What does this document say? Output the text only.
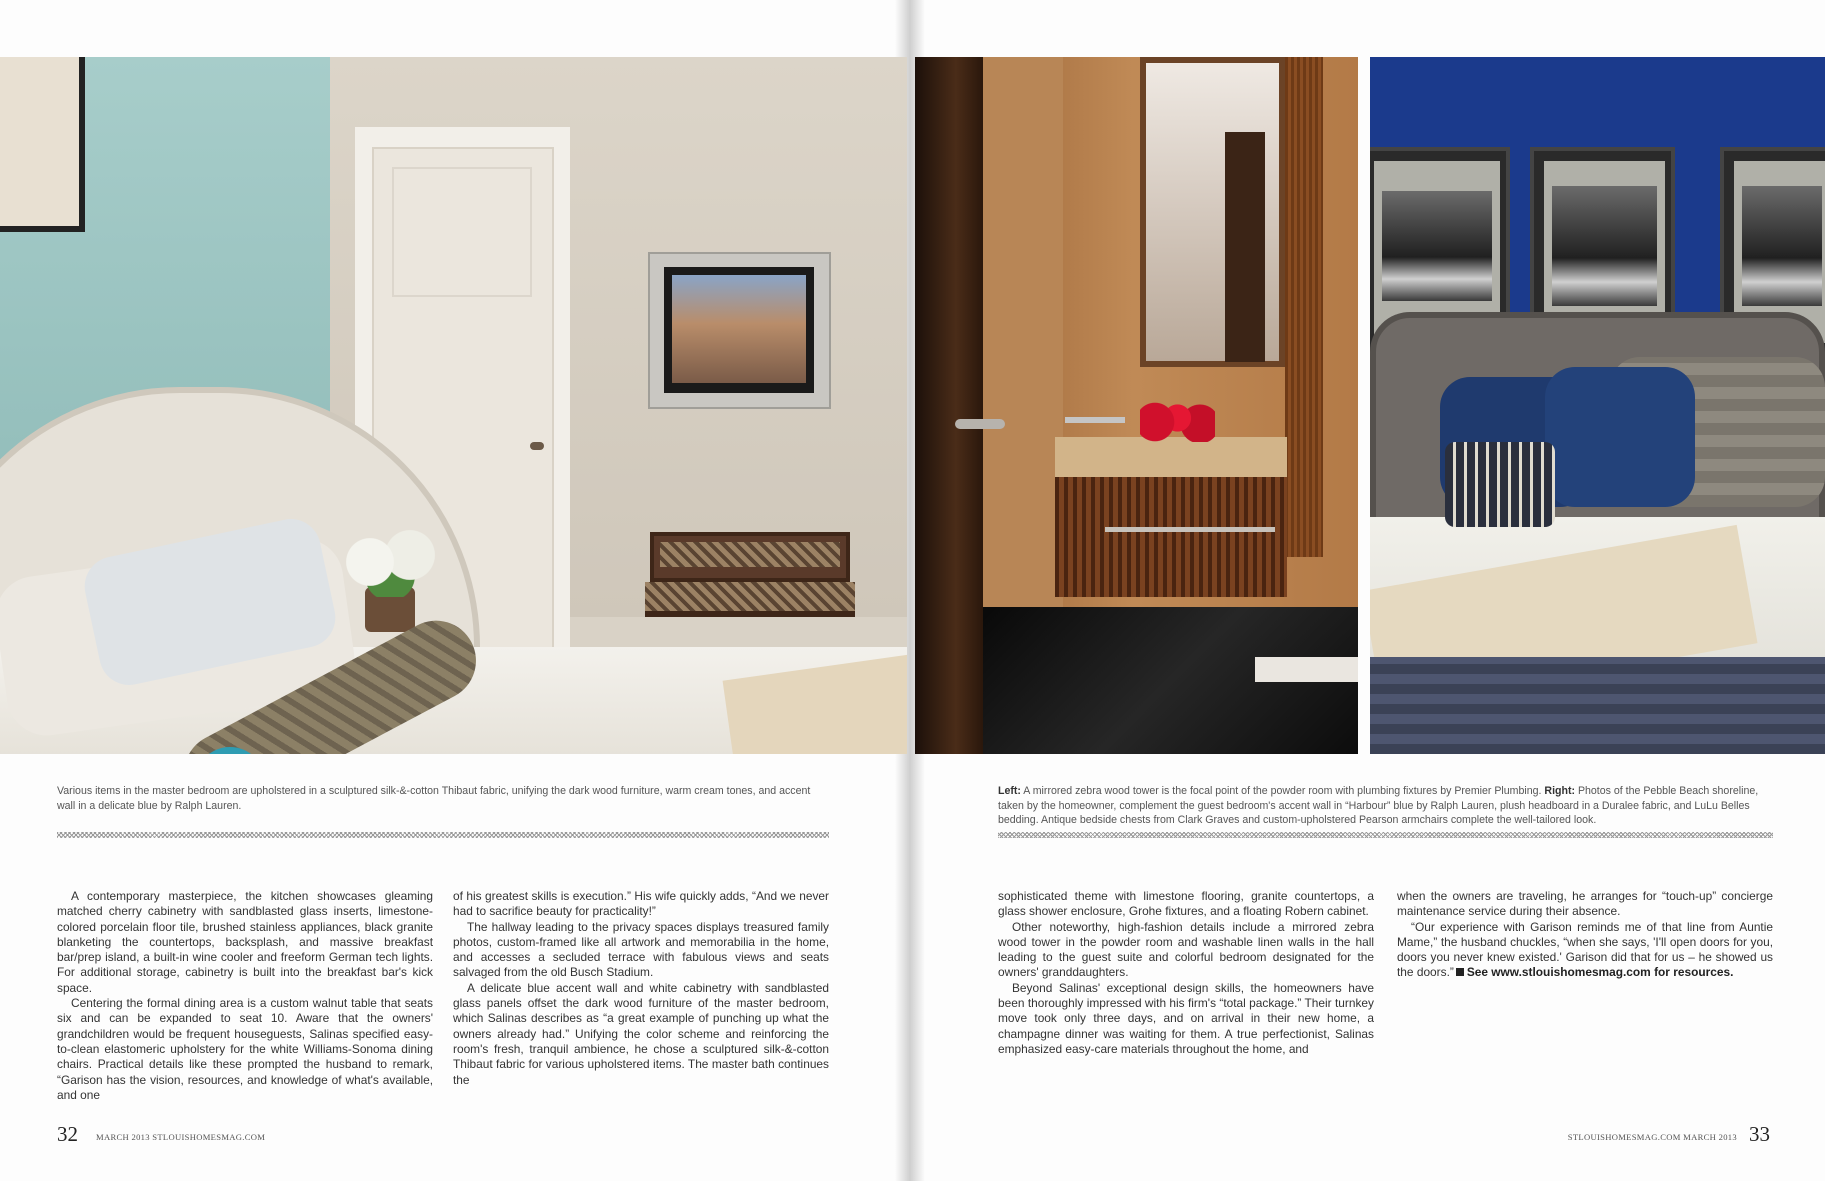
Various items in the master bedroom are upholstered in a sculptured silk-&-cotton Thibaut fabric, unifying the dark wood furniture, warm cream tones, and accent wall in a delicate blue by Ralph Lauren.

Left: A mirrored zebra wood tower is the focal point of the powder room with plumbing fixtures by Premier Plumbing. Right: Photos of the Pebble Beach shoreline, taken by the homeowner, complement the guest bedroom's accent wall in “Harbour” blue by Ralph Lauren, plush headboard in a Duralee fabric, and LuLu Belles bedding. Antique bedside chests from Clark Graves and custom-upholstered Pearson armchairs complete the well-tailored look.

A contemporary masterpiece, the kitchen showcases gleaming matched cherry cabinetry with sandblasted glass inserts, limestone-colored porcelain floor tile, brushed stainless appliances, black granite blanketing the countertops, backsplash, and massive breakfast bar/prep island, a built-in wine cooler and freeform German tech lights. For additional storage, cabinetry is built into the breakfast bar's kick space.

Centering the formal dining area is a custom walnut table that seats six and can be expanded to seat 10. Aware that the owners' grandchildren would be frequent houseguests, Salinas specified easy-to-clean elastomeric upholstery for the white Williams-Sonoma dining chairs. Practical details like these prompted the husband to remark, “Garison has the vision, resources, and knowledge of what's available, and one

of his greatest skills is execution.” His wife quickly adds, “And we never had to sacrifice beauty for practicality!”

The hallway leading to the privacy spaces displays treasured family photos, custom-framed like all artwork and memorabilia in the home, and accesses a secluded terrace with fabulous views and seats salvaged from the old Busch Stadium.

A delicate blue accent wall and white cabinetry with sandblasted glass panels offset the dark wood furniture of the master bedroom, which Salinas describes as “a great example of punching up what the owners already had.” Unifying the color scheme and reinforcing the room's fresh, tranquil ambience, he chose a sculptured silk-&-cotton Thibaut fabric for various upholstered items. The master bath continues the

sophisticated theme with limestone flooring, granite countertops, a glass shower enclosure, Grohe fixtures, and a floating Robern cabinet.

Other noteworthy, high-fashion details include a mirrored zebra wood tower in the powder room and washable linen walls in the hall leading to the guest suite and colorful bedroom designated for the owners' granddaughters.

Beyond Salinas' exceptional design skills, the homeowners have been thoroughly impressed with his firm's “total package.” Their turnkey move took only three days, and on arrival in their new home, a champagne dinner was waiting for them. A true perfectionist, Salinas emphasized easy-care materials throughout the home, and

when the owners are traveling, he arranges for “touch-up” concierge maintenance service during their absence.

“Our experience with Garison reminds me of that line from Auntie Mame,” the husband chuckles, “when she says, 'I'll open doors for you, doors you never knew existed.' Garison did that for us – he showed us the doors.” See www.stlouishomesmag.com for resources.

32 MARCH 2013 STLOUISHOMESMAG.COM	STLOUISHOMESMAG.COM MARCH 2013 33
